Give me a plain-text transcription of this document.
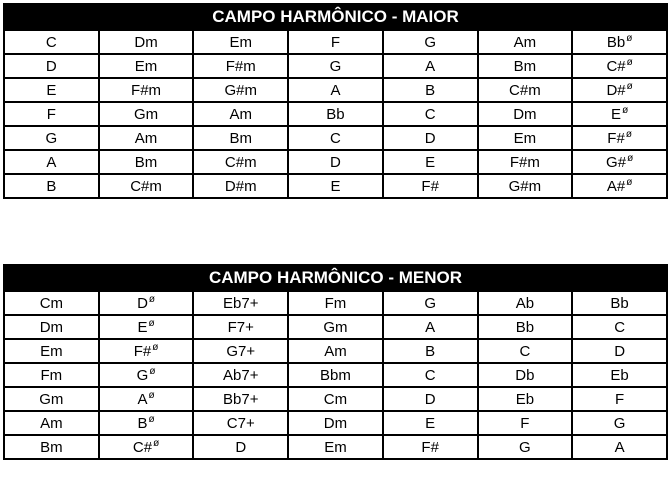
CAMPO HARMÔNICO - MAIOR						
C	Dm	Em	F	G	Am	$Bb^ø$
D	Em	F#m	G	A	Bm	C#$^ø$
E	F#m	G#m	A	B	C#m	D#$^ø$
F	Gm	Am	Bb	C	Dm	$E^ø$
G	Am	Bm	C	D	Em	F#$^ø$
A	Bm	C#m	D	E	F#m	G#$^ø$
B	C#m	D#m	E	F#	G#m	A#$^ø$
CAMPO HARMÔNICO - MENOR						
Cm	$D^ø$	Eb7+	Fm	G	Ab	Bb
Dm	$E^ø$	F7+	Gm	A	Bb	C
Em	F#$^ø$	G7+	Am	B	C	D
Fm	$G^ø$	Ab7+	Bbm	C	Db	Eb
Gm	$A^ø$	Bb7+	Cm	D	Eb	F
Am	$B^ø$	C7+	Dm	E	F	G
Bm	C#$^ø$	D	Em	F#	G	A
